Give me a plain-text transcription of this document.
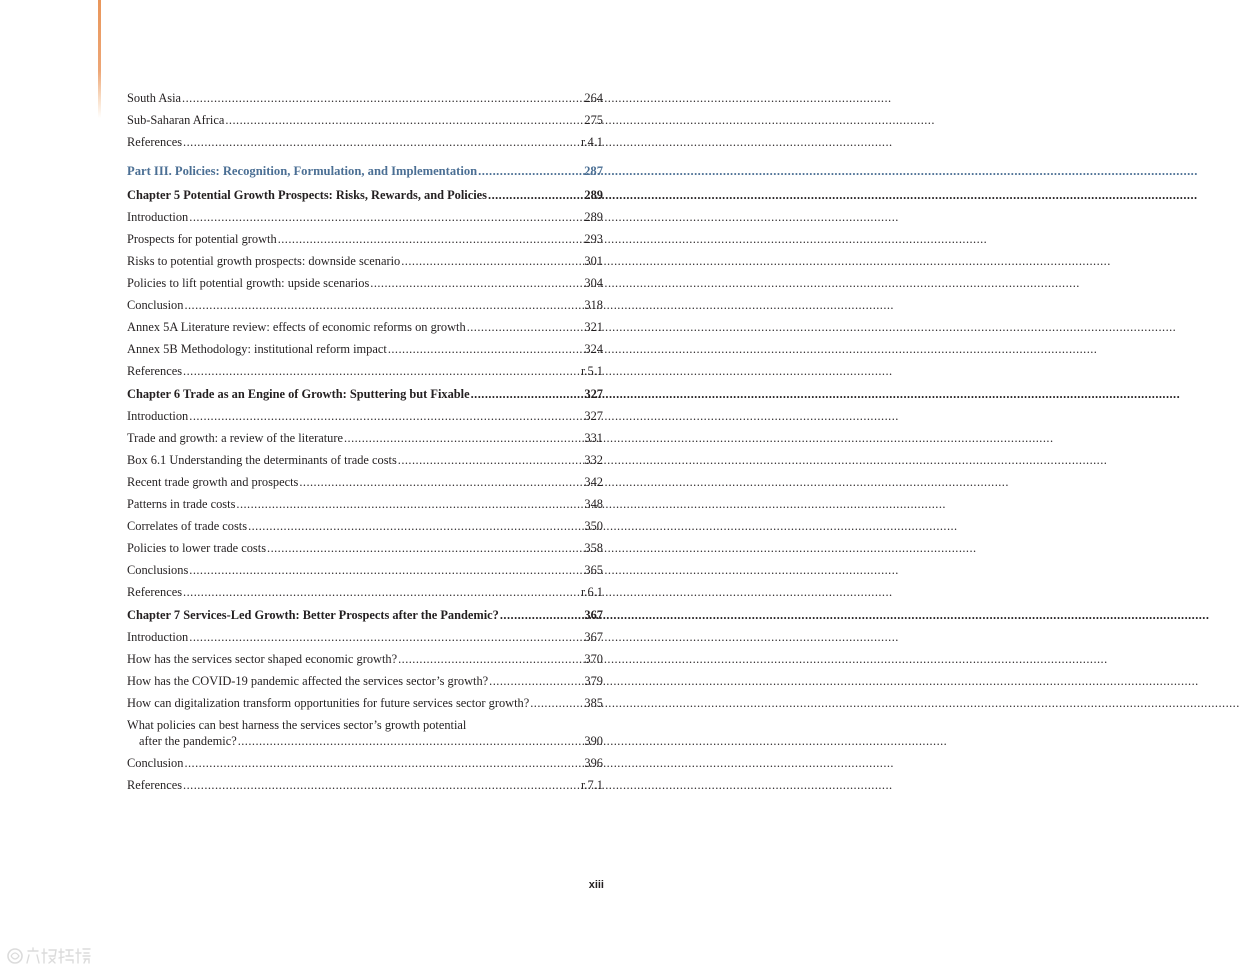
South Asia .....	264
Sub-Saharan Africa .....	275
References .....	r.4.1
Part III. Policies: Recognition, Formulation, and Implementation .....	287
Chapter 5 Potential Growth Prospects: Risks, Rewards, and Policies .....	289
Introduction .....	289
Prospects for potential growth .....	293
Risks to potential growth prospects: downside scenario .....	301
Policies to lift potential growth: upside scenarios .....	304
Conclusion .....	318
Annex 5A Literature review: effects of economic reforms on growth .....	321
Annex 5B Methodology: institutional reform impact .....	324
References .....	r.5.1
Chapter 6 Trade as an Engine of Growth: Sputtering but Fixable .....	327
Introduction .....	327
Trade and growth: a review of the literature .....	331
Box 6.1 Understanding the determinants of trade costs .....	332
Recent trade growth and prospects .....	342
Patterns in trade costs .....	348
Correlates of trade costs .....	350
Policies to lower trade costs .....	358
Conclusions .....	365
References .....	r.6.1
Chapter 7 Services-Led Growth: Better Prospects after the Pandemic? .....	367
Introduction .....	367
How has the services sector shaped economic growth? .....	370
How has the COVID-19 pandemic affected the services sector’s growth? .....	379
How can digitalization transform opportunities for future services sector growth? .....	385
What policies can best harness the services sector’s growth potential
after the pandemic? .....	390
Conclusion .....	396
References .....	r.7.1
xiii
